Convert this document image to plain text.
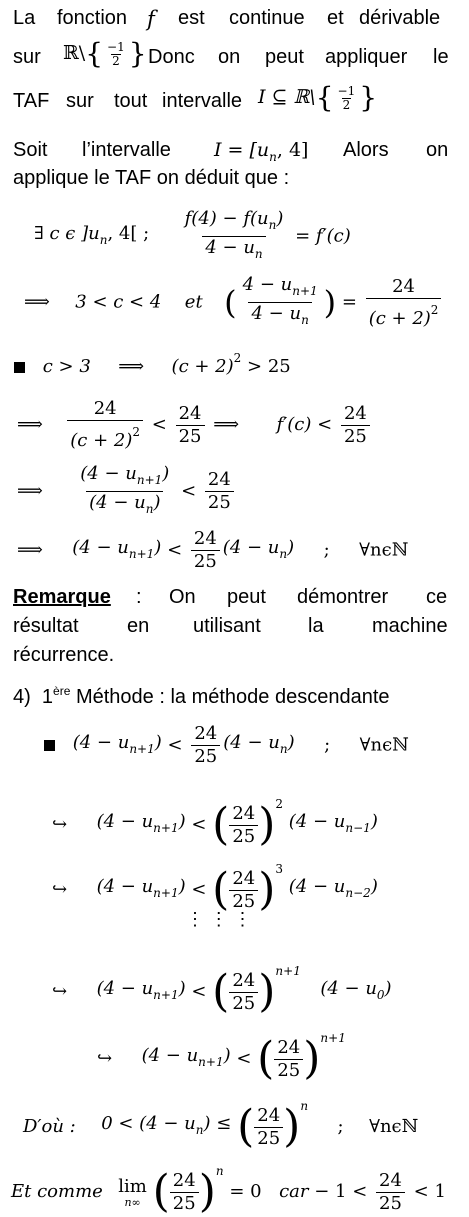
La fonction f est continue et dérivable
sur ℝ\{ $\frac{-1}{2}$ } Donc on peut appliquer le
TAF sur tout intervalle I ⊆ ℝ\{ $\frac{-1}{2}$ }
Soit l’intervalle $I = [u_n$, 4] Alors on
applique le TAF on déduit que :
∃ c ϵ ]$u_n$, 4[ ; $\frac{f(4) - f(u_n)}{4 - u_n} = f'(c)$
⟹ 3 < c < 4 et ( $\frac{4 - u_{n+1}}{4 - u_n}$ ) = $\frac{24}{(c + 2)^2}$
c > 3 ⟹ $(c + 2)^2 > 25$
⟹ $\frac{24}{(c + 2)^2} < \frac{24}{25}$ ⟹ $f'(c) < \frac{24}{25}$
⟹ $\frac{(4 - u_{n+1})}{(4 - u_n)} < \frac{24}{25}$
⟹ $(4 - u_{n+1}) < \frac{24}{25} (4 - u_n)$ ; ∀nϵℕ
Remarque : On peut démontrer ce
résultat en utilisant la machine
récurrence.
4) 1ère Méthode : la méthode descendante
$(4 - u_{n+1}) < \frac{24}{25} (4 - u_n)$ ; ∀nϵℕ
↪ $(4 - u_{n+1})$ < ( $\frac{24}{25} )^2$ $(4 - u_{n-1})$
↪ $(4 - u_{n+1})$ < ( $\frac{24}{25} )^3$ $(4 - u_{n-2})$
⋮ ⋮ ⋮
↪ $(4 - u_{n+1})$ < ( $\frac{24}{25} )^{n+1}$  $(4 - u_0)$
↪ $(4 - u_{n+1})$ < ( $\frac{24}{25} )^{n+1}$
D′où : $0 < (4 - u_n)$ ≤ ( $\frac{24}{25} )^n$  ; ∀nϵℕ
Et comme lim
n∞ ( $\frac{24}{25} )^n = 0$ car − $1 < \frac{24}{25} < 1$
